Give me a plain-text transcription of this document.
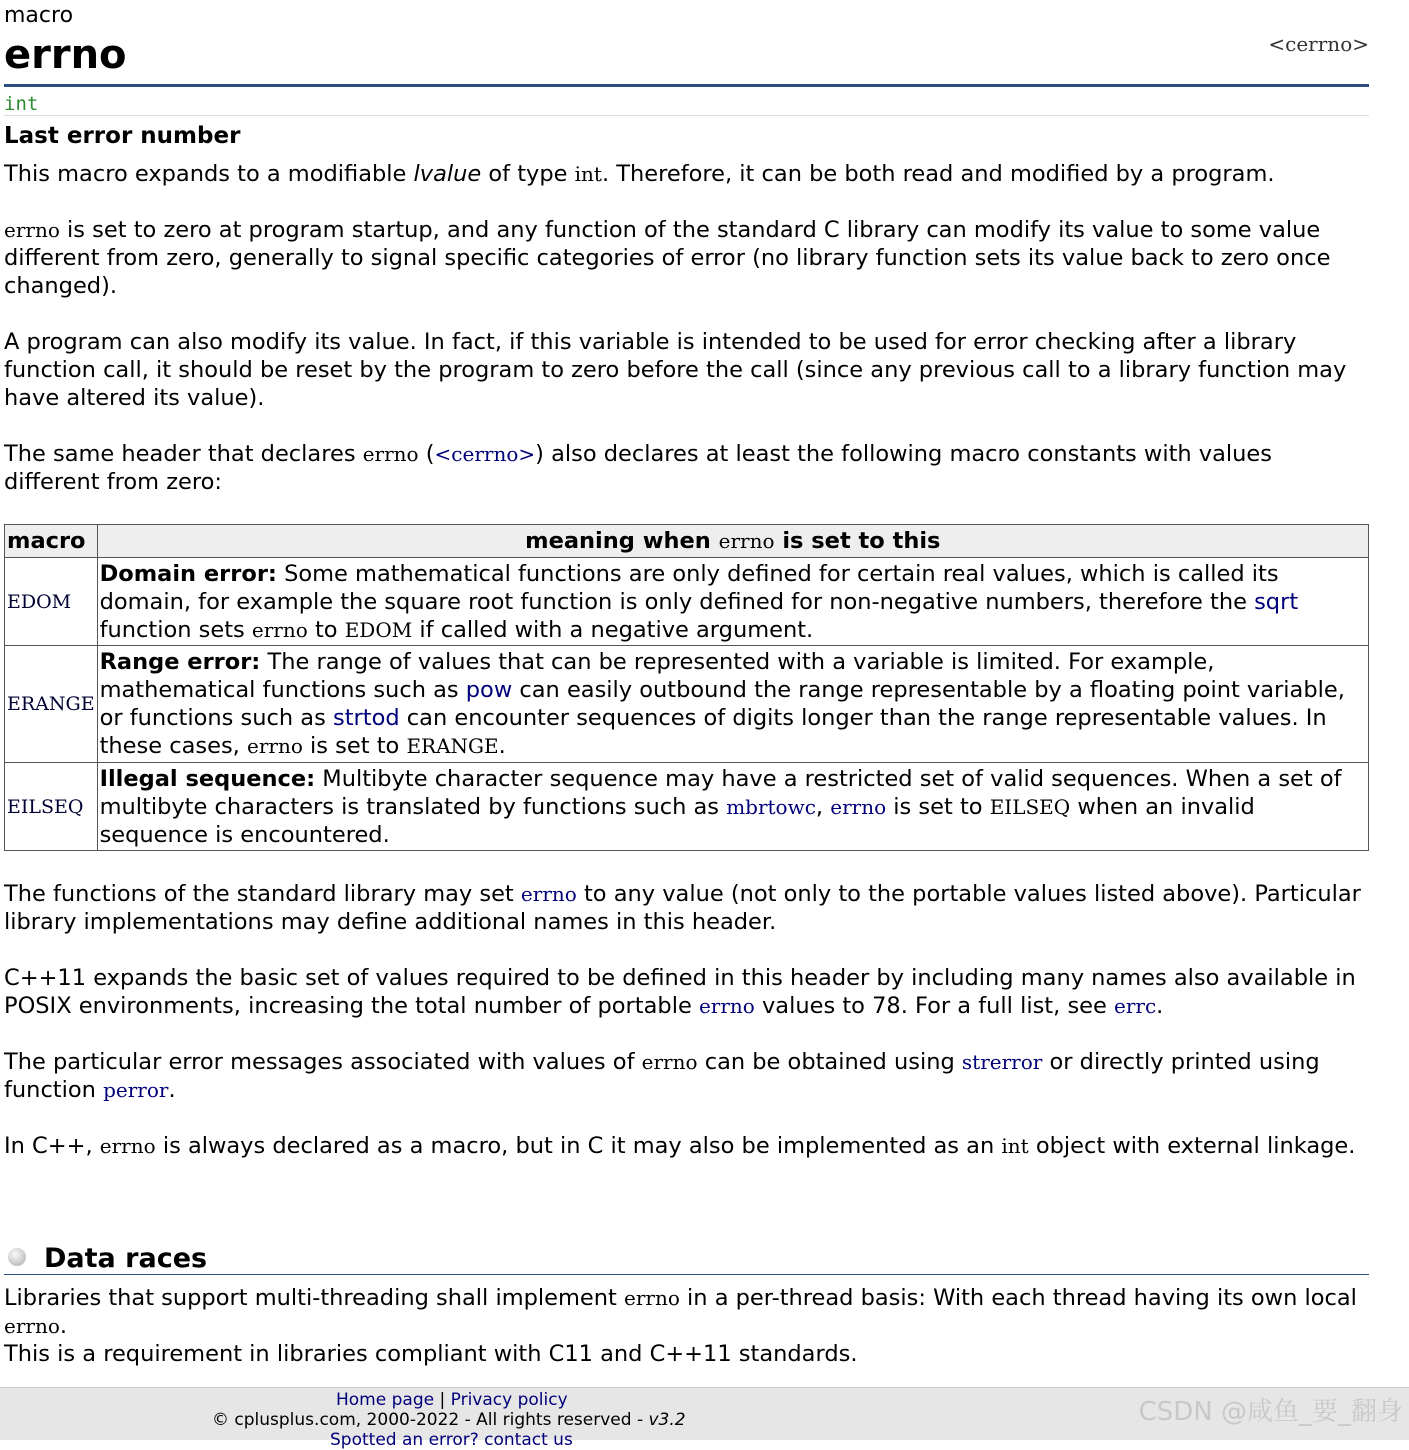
macro
errno	<cerrno>
int
Last error number

This macro expands to a modifiable lvalue of type int. Therefore, it can be both read and modified by a program.

errno is set to zero at program startup, and any function of the standard C library can modify its value to some value different from zero, generally to signal specific categories of error (no library function sets its value back to zero once changed).

A program can also modify its value. In fact, if this variable is intended to be used for error checking after a library function call, it should be reset by the program to zero before the call (since any previous call to a library function may have altered its value).

The same header that declares errno (<cerrno>) also declares at least the following macro constants with values different from zero:

macro	meaning when errno is set to this
EDOM	Domain error: Some mathematical functions are only defined for certain real values, which is called its domain, for example the square root function is only defined for non-negative numbers, therefore the sqrt function sets errno to EDOM if called with a negative argument.
ERANGE	Range error: The range of values that can be represented with a variable is limited. For example, mathematical functions such as pow can easily outbound the range representable by a floating point variable, or functions such as strtod can encounter sequences of digits longer than the range representable values. In these cases, errno is set to ERANGE.
EILSEQ	Illegal sequence: Multibyte character sequence may have a restricted set of valid sequences. When a set of multibyte characters is translated by functions such as mbrtowc, errno is set to EILSEQ when an invalid sequence is encountered.

The functions of the standard library may set errno to any value (not only to the portable values listed above). Particular library implementations may define additional names in this header.

C++11 expands the basic set of values required to be defined in this header by including many names also available in POSIX environments, increasing the total number of portable errno values to 78. For a full list, see errc.

The particular error messages associated with values of errno can be obtained using strerror or directly printed using function perror.

In C++, errno is always declared as a macro, but in C it may also be implemented as an int object with external linkage.

Data races

Libraries that support multi-threading shall implement errno in a per-thread basis: With each thread having its own local errno.

This is a requirement in libraries compliant with C11 and C++11 standards.

Home page | Privacy policy
© cplusplus.com, 2000-2022 - All rights reserved - v3.2
Spotted an error? contact us
CSDN @咸鱼_要_翻身
